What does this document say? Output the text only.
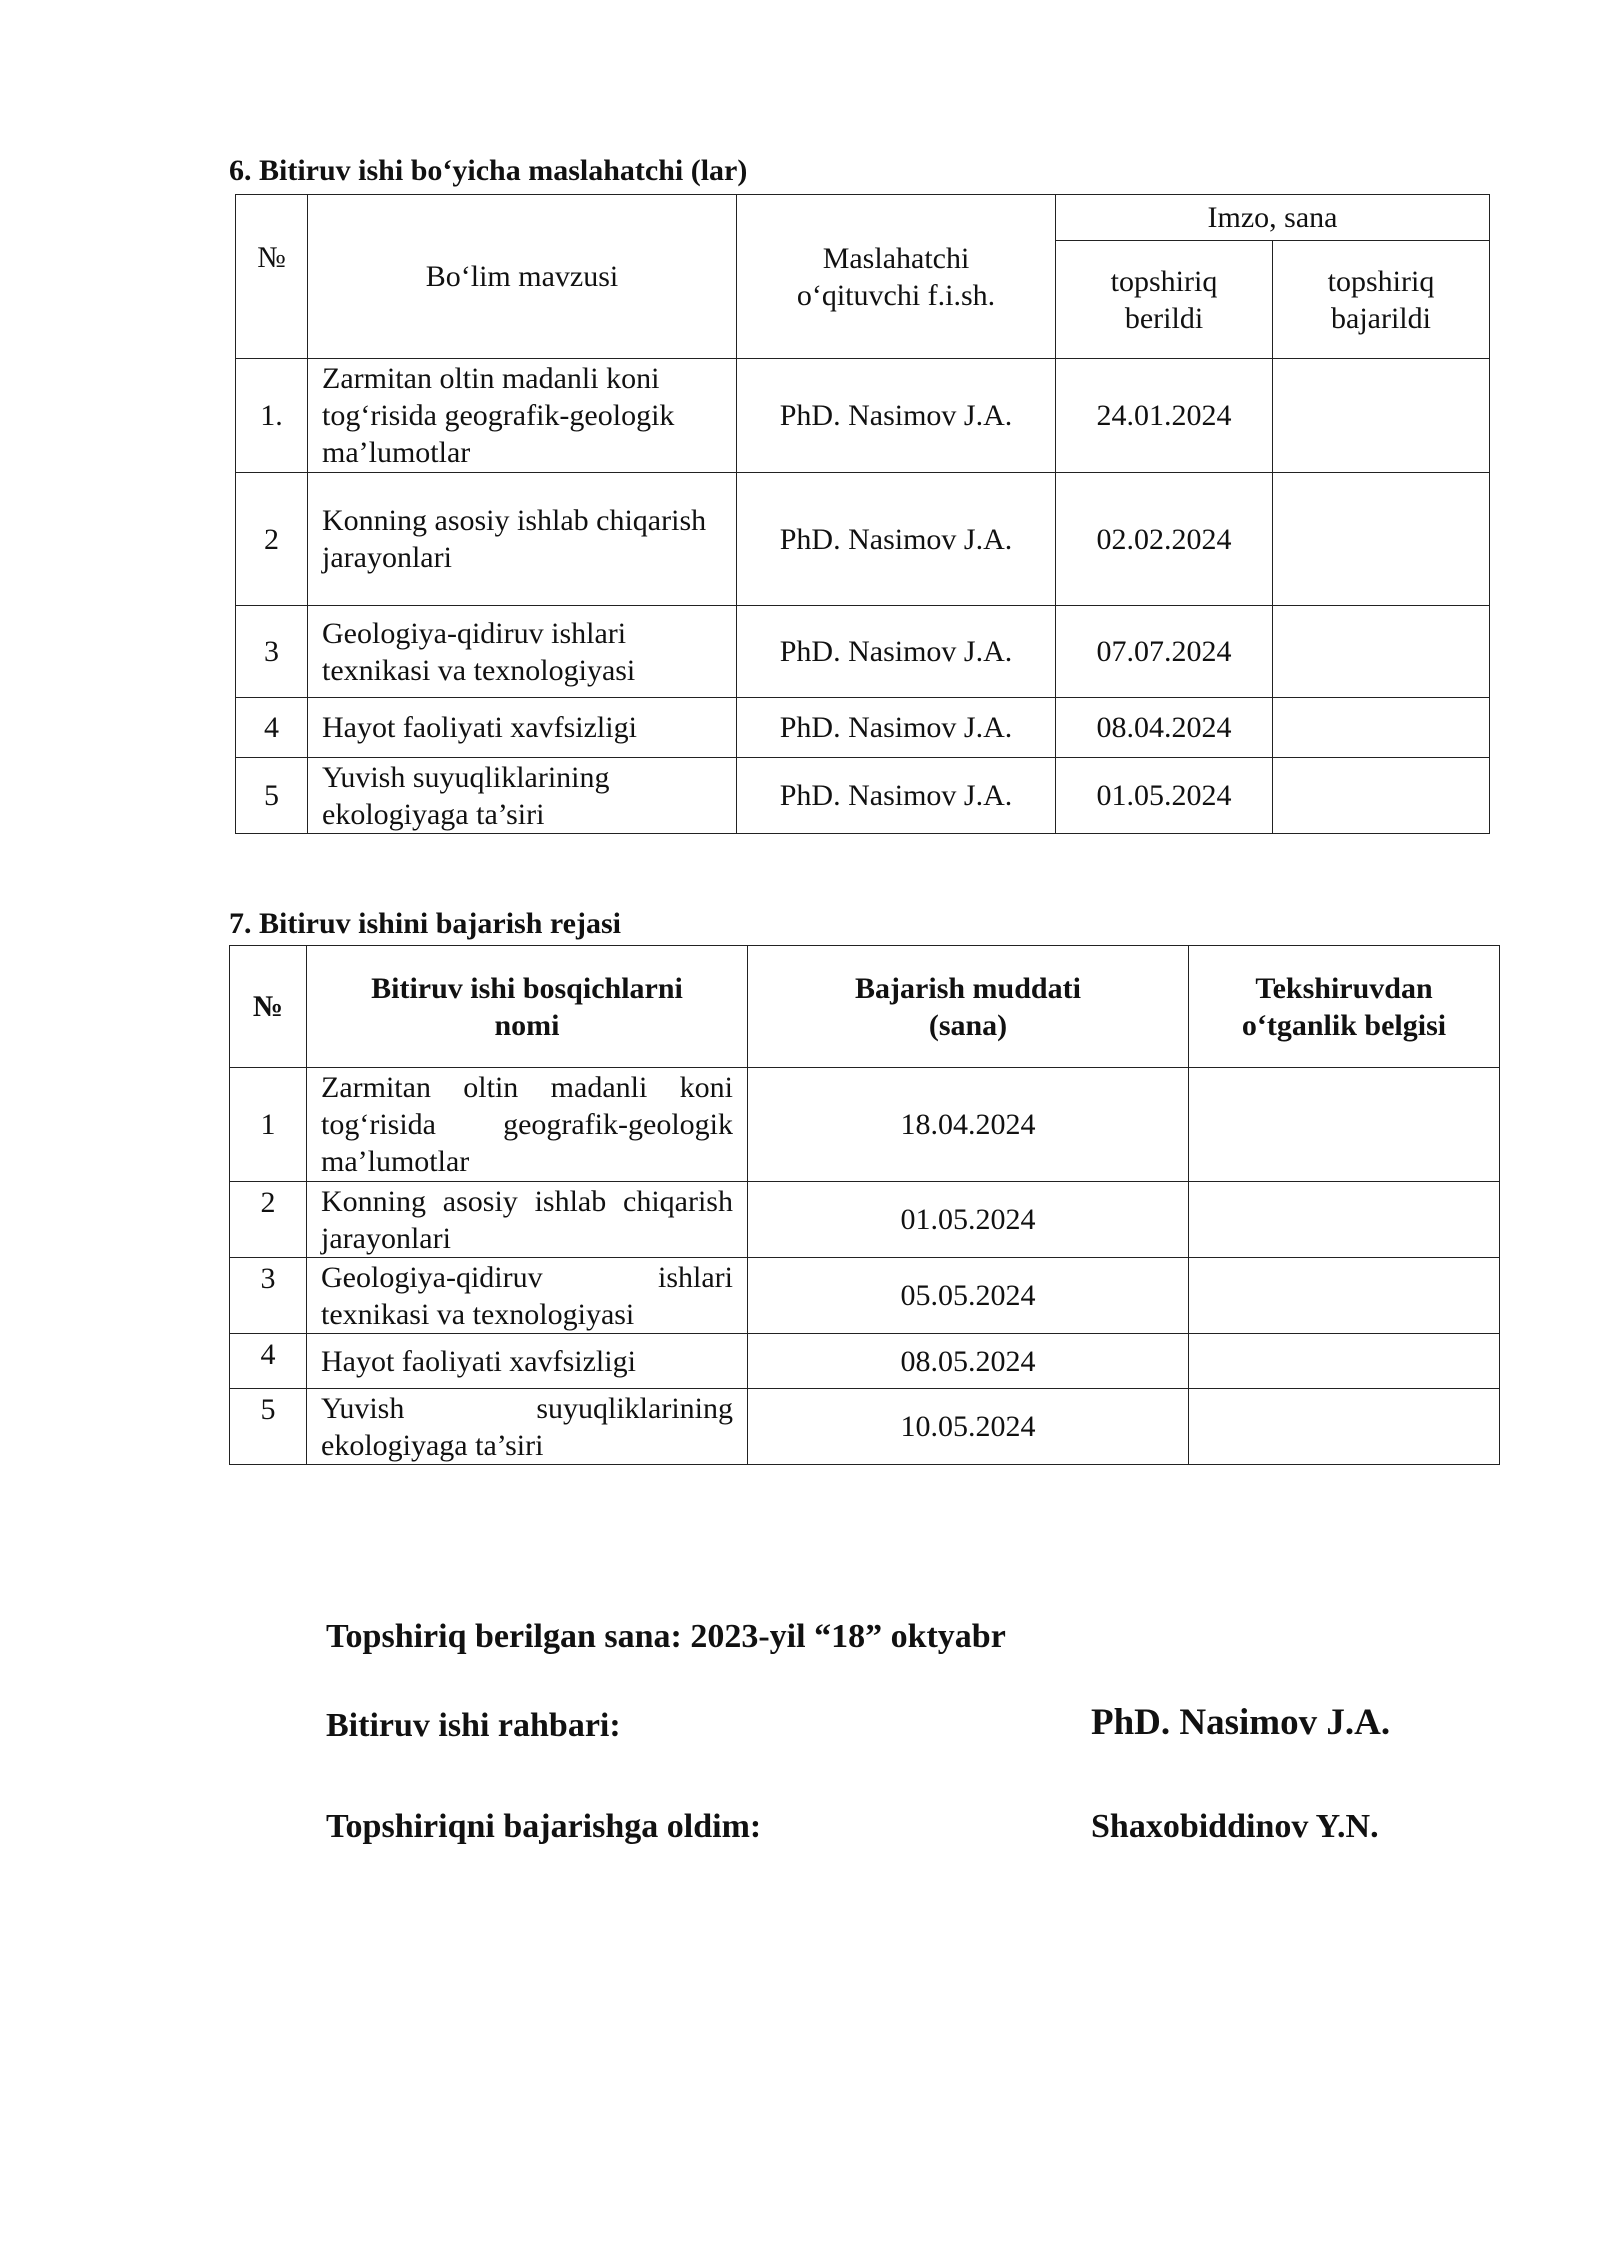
6. Bitiruv ishi bo‘yicha maslahatchi (lar)
№	Bo‘lim mavzusi	Maslahatchi o‘qituvchi f.i.sh.	Imzo, sana	
			topshiriq berildi	topshiriq bajarildi
1.	Zarmitan oltin madanli koni tog‘risida geografik-geologik ma’lumotlar	PhD. Nasimov J.A.	24.01.2024	
2	Konning asosiy ishlab chiqarish jarayonlari	PhD. Nasimov J.A.	02.02.2024	
3	Geologiya-qidiruv ishlari texnikasi va texnologiyasi	PhD. Nasimov J.A.	07.07.2024	
4	Hayot faoliyati xavfsizligi	PhD. Nasimov J.A.	08.04.2024	
5	Yuvish suyuqliklarining ekologiyaga ta’siri	PhD. Nasimov J.A.	01.05.2024	
7. Bitiruv ishini bajarish rejasi
№	Bitiruv ishi bosqichlarni nomi	Bajarish muddati (sana)	Tekshiruvdan o‘tganlik belgisi
1	Zarmitan oltin madanli koni tog‘risida geografik-geologik ma’lumotlar	18.04.2024	
2	Konning asosiy ishlab chiqarish jarayonlari	01.05.2024	
3	Geologiya-qidiruv ishlari texnikasi va texnologiyasi	05.05.2024	
4	Hayot faoliyati xavfsizligi	08.05.2024	
5	Yuvish suyuqliklarining ekologiyaga ta’siri	10.05.2024	
Topshiriq berilgan sana: 2023-yil “18” oktyabr
Bitiruv ishi rahbari:	PhD. Nasimov J.A.
Topshiriqni bajarishga oldim:	Shaxobiddinov Y.N.
